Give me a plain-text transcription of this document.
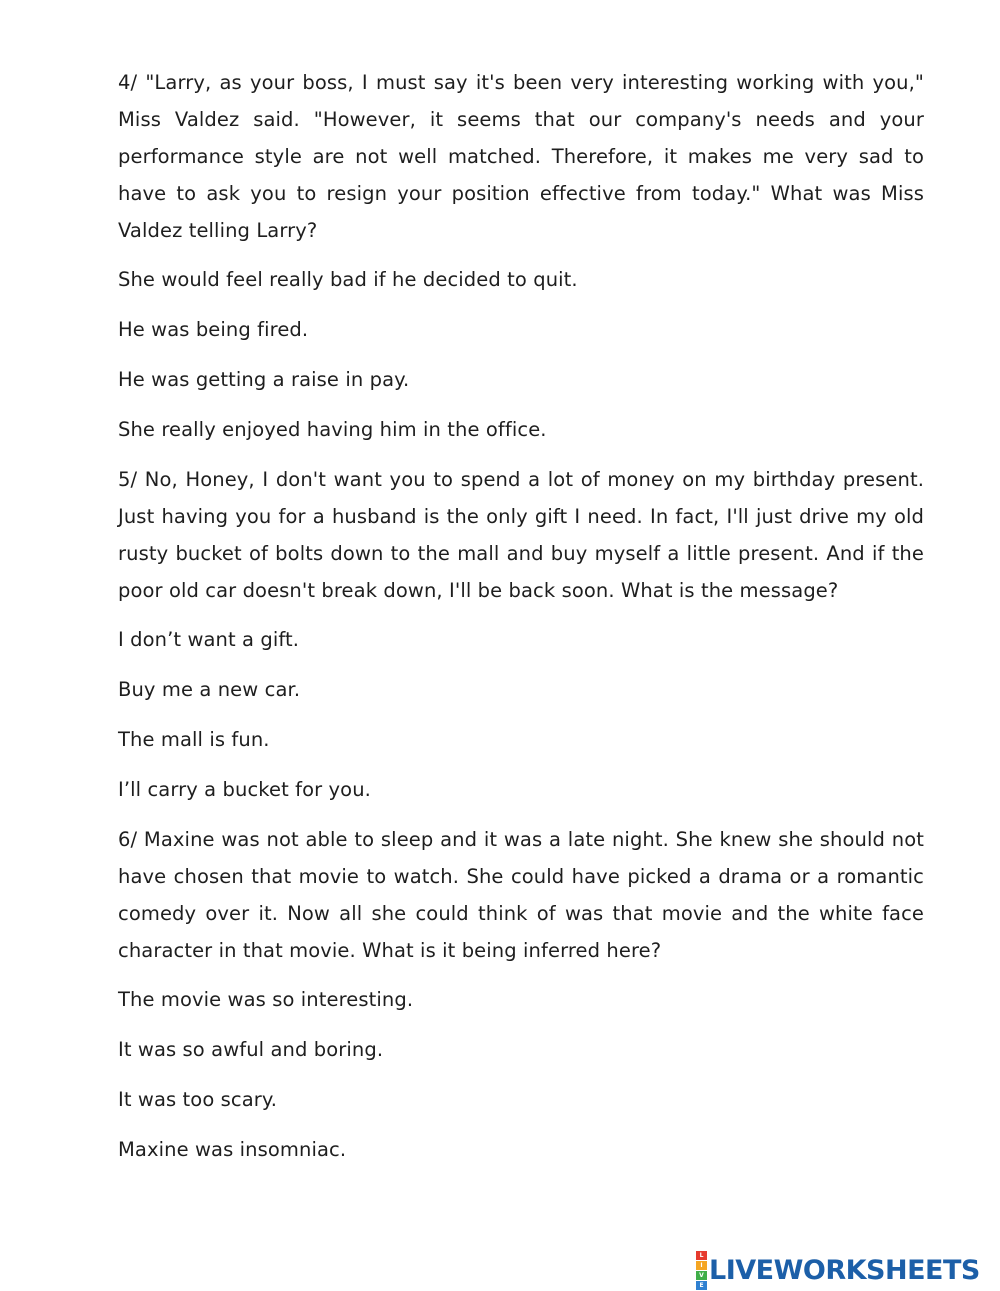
4/ "Larry, as your boss, I must say it's been very interesting working with you," Miss Valdez said. "However, it seems that our company's needs and your performance style are not well matched. Therefore, it makes me very sad to have to ask you to resign your position effective from today." What was Miss Valdez telling Larry?

She would feel really bad if he decided to quit.

He was being fired.

He was getting a raise in pay.

She really enjoyed having him in the office.

5/ No, Honey, I don't want you to spend a lot of money on my birthday present. Just having you for a husband is the only gift I need. In fact, I'll just drive my old rusty bucket of bolts down to the mall and buy myself a little present. And if the poor old car doesn't break down, I'll be back soon. What is the message?

I don’t want a gift.

Buy me a new car.

The mall is fun.

I’ll carry a bucket for you.

6/ Maxine was not able to sleep and it was a late night. She knew she should not have chosen that movie to watch. She could have picked a drama or a romantic comedy over it. Now all she could think of was that movie and the white face character in that movie. What is it being inferred here?

The movie was so interesting.

It was so awful and boring.

It was too scary.

Maxine was insomniac.

L
I
V
E LIVEWORKSHEETS
